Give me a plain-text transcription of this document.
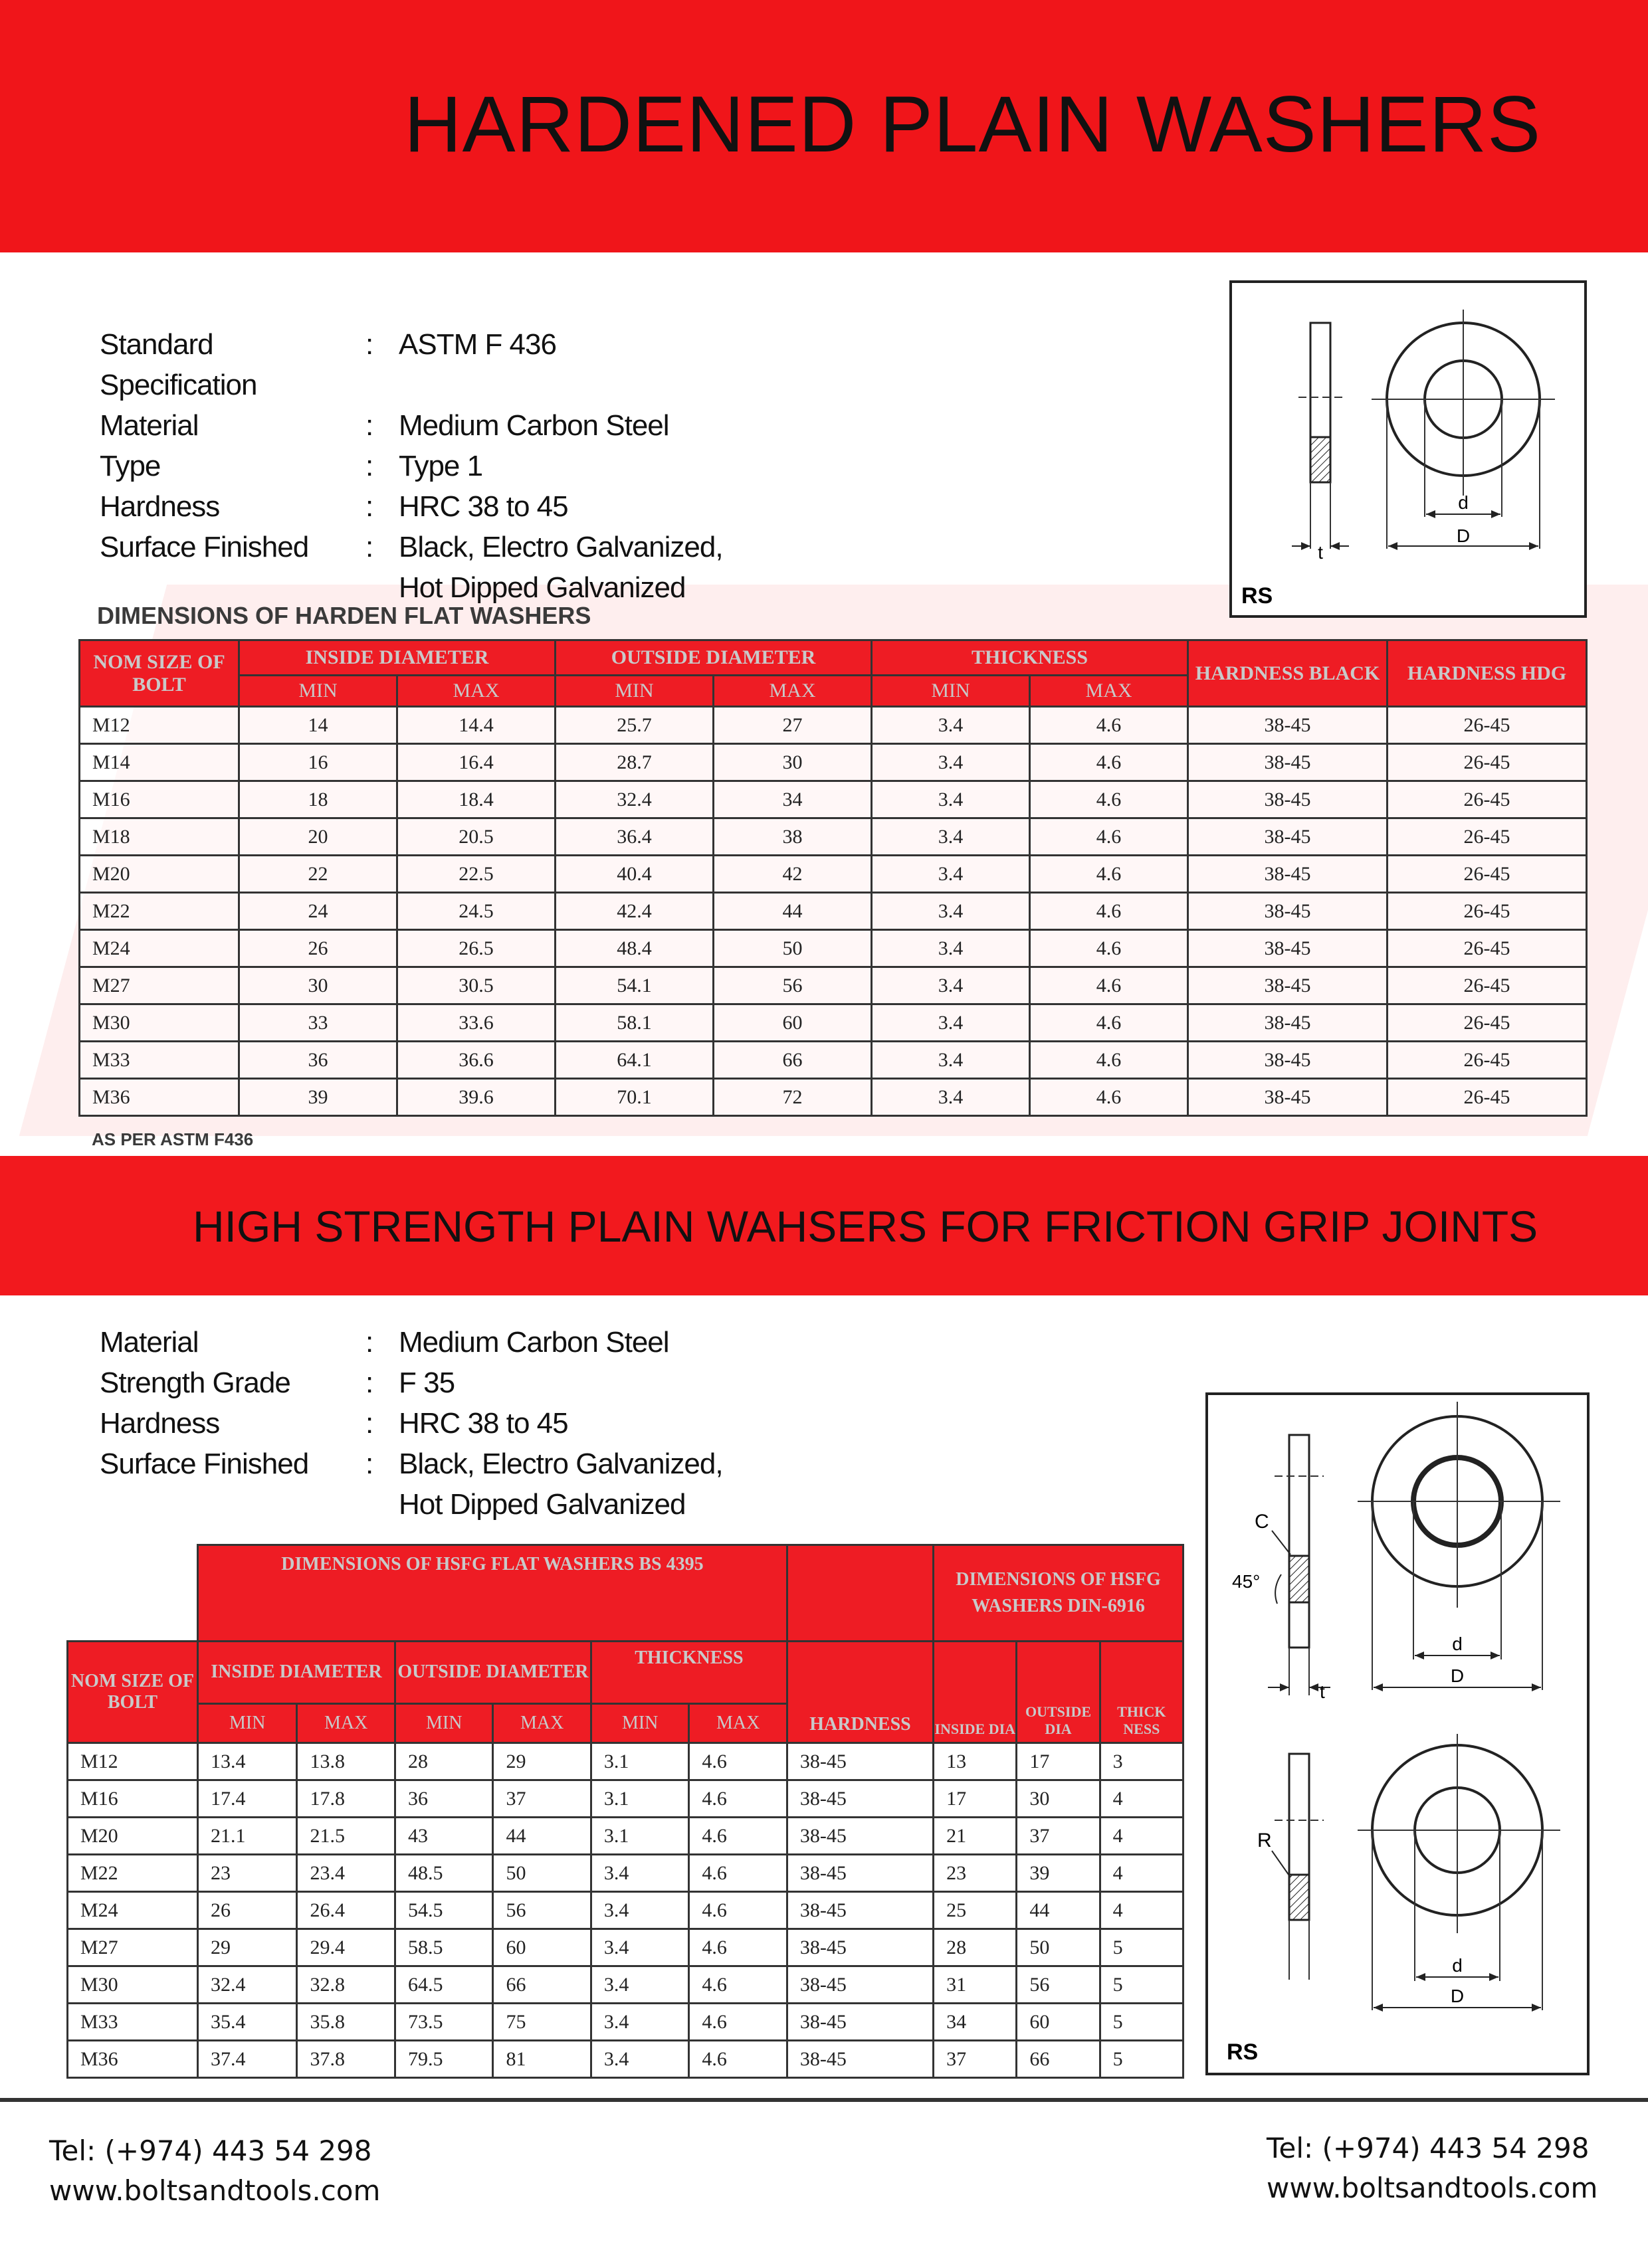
HARDENED PLAIN WASHERS
Standard Specification
: ASTM F 436
Material	: Medium Carbon Steel
Type	: Type 1
Hardness	: HRC 38 to 45
Surface Finished	: Black, Electro Galvanized,
Hot Dipped Galvanized
t
d
D
RS
DIMENSIONS OF HARDEN FLAT WASHERS
NOM SIZE OF BOLT	INSIDE DIAMETER		OUTSIDE DIAMETER		THICKNESS		HARDNESS BLACK	HARDNESS HDG
	MIN	MAX	MIN	MAX	MIN	MAX		
M12	14	14.4	25.7	27	3.4	4.6	38-45	26-45
M14	16	16.4	28.7	30	3.4	4.6	38-45	26-45
M16	18	18.4	32.4	34	3.4	4.6	38-45	26-45
M18	20	20.5	36.4	38	3.4	4.6	38-45	26-45
M20	22	22.5	40.4	42	3.4	4.6	38-45	26-45
M22	24	24.5	42.4	44	3.4	4.6	38-45	26-45
M24	26	26.5	48.4	50	3.4	4.6	38-45	26-45
M27	30	30.5	54.1	56	3.4	4.6	38-45	26-45
M30	33	33.6	58.1	60	3.4	4.6	38-45	26-45
M33	36	36.6	64.1	66	3.4	4.6	38-45	26-45
M36	39	39.6	70.1	72	3.4	4.6	38-45	26-45
AS PER ASTM F436
HIGH STRENGTH PLAIN WAHSERS FOR FRICTION GRIP JOINTS
Material	: Medium Carbon Steel
Strength Grade	: F 35
Hardness	: HRC 38 to 45
Surface Finished	: Black, Electro Galvanized,
Hot Dipped Galvanized
C
45°
t
d
D
R
d
D
RS
	DIMENSIONS OF HSFG FLAT WASHERS BS 4395							DIMENSIONS OF HSFG WASHERS DIN-6916		
NOM SIZE OF BOLT	INSIDE DIAMETER		OUTSIDE DIAMETER		THICKNESS		HARDNESS	INSIDE DIA	OUTSIDE DIA	THICK NESS
	MIN	MAX	MIN	MAX	MIN	MAX				
M12	13.4	13.8	28	29	3.1	4.6	38-45	13	17	3
M16	17.4	17.8	36	37	3.1	4.6	38-45	17	30	4
M20	21.1	21.5	43	44	3.1	4.6	38-45	21	37	4
M22	23	23.4	48.5	50	3.4	4.6	38-45	23	39	4
M24	26	26.4	54.5	56	3.4	4.6	38-45	25	44	4
M27	29	29.4	58.5	60	3.4	4.6	38-45	28	50	5
M30	32.4	32.8	64.5	66	3.4	4.6	38-45	31	56	5
M33	35.4	35.8	73.5	75	3.4	4.6	38-45	34	60	5
M36	37.4	37.8	79.5	81	3.4	4.6	38-45	37	66	5
Tel: (+974) 443 54 298
www.boltsandtools.com
Tel: (+974) 443 54 298
www.boltsandtools.com
